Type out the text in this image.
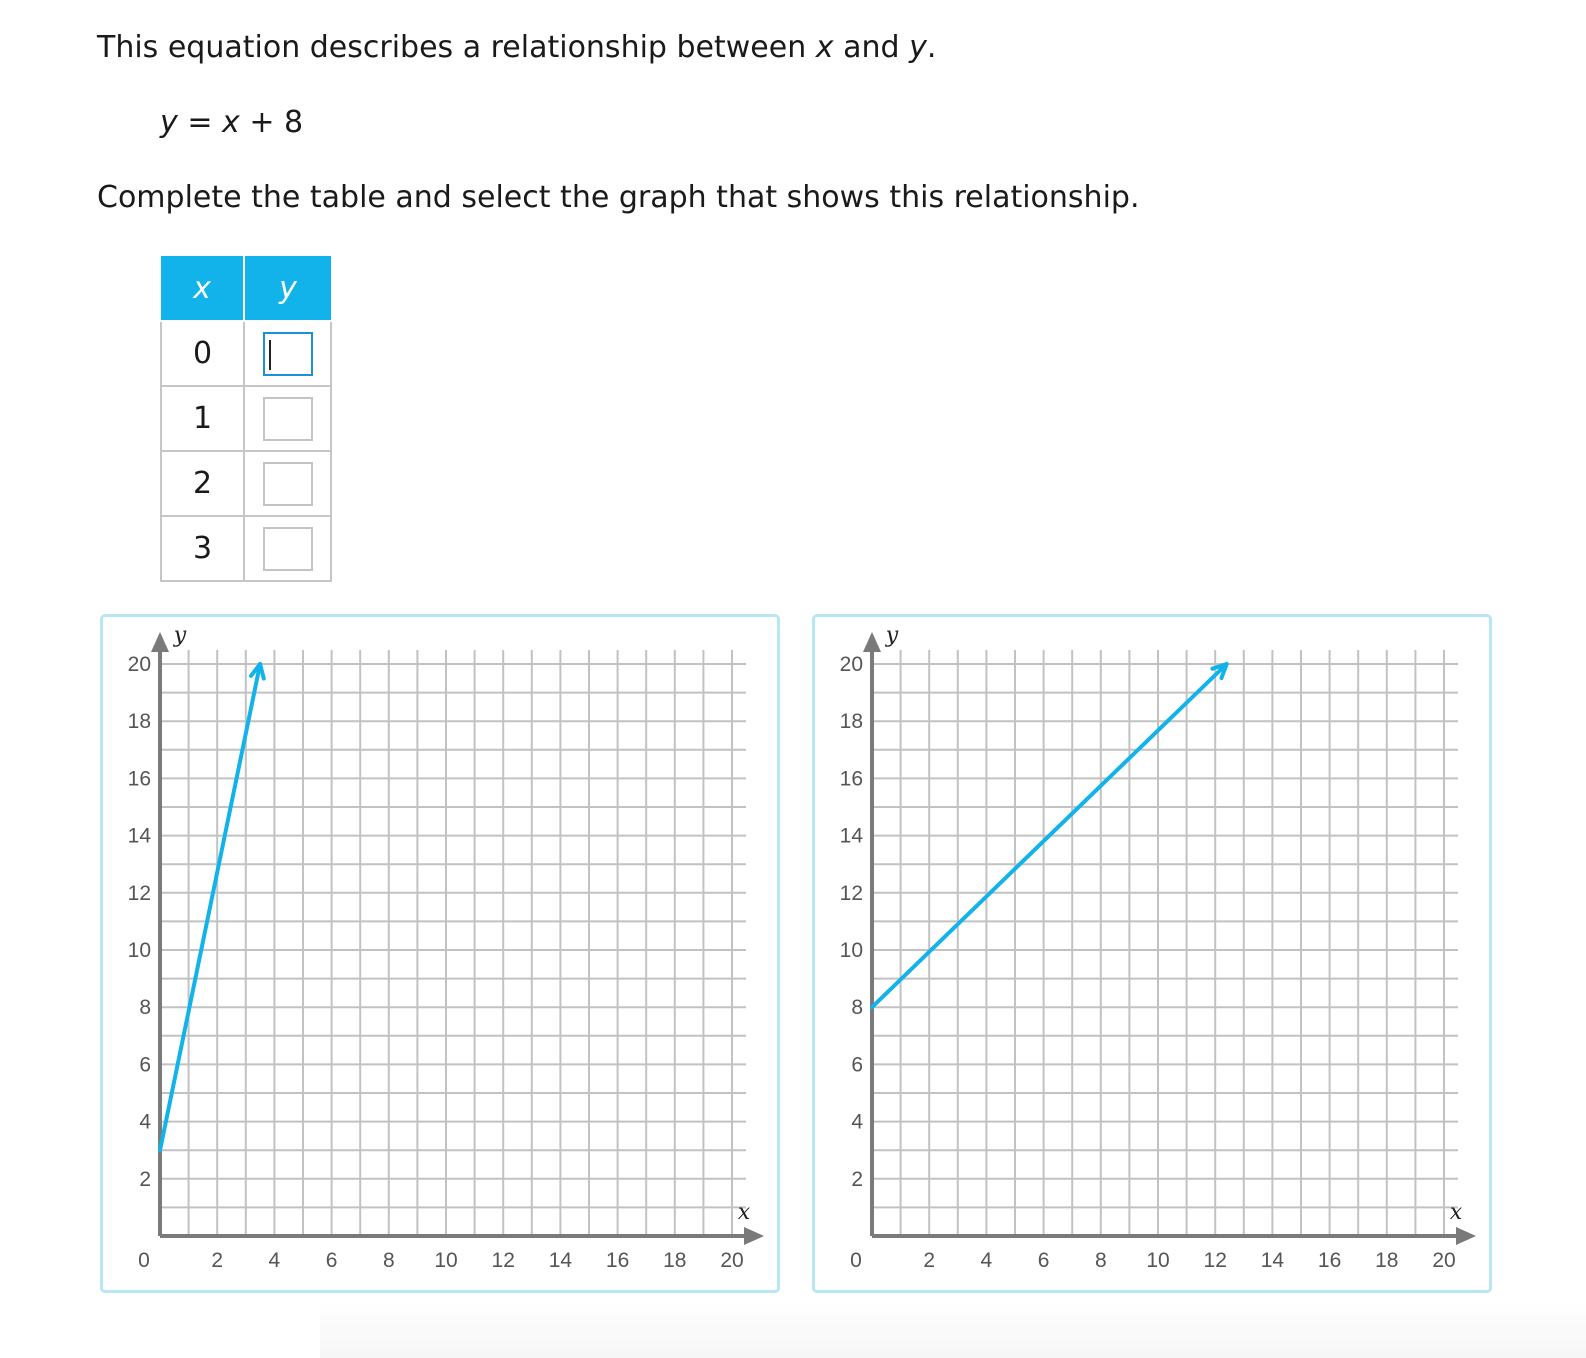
This equation describes a relationship between x and y.

y = x + 8

Complete the table and select the graph that shows this relationship.

x	y
0	
1	
2	
3	
2 4 6 8 10 12 14 16 18 20
2
4
6
8
10
12
14
16
18
20
0
x
y
2 4 6 8 10 12 14 16 18 20
2
4
6
8
10
12
14
16
18
20
0
x
y
